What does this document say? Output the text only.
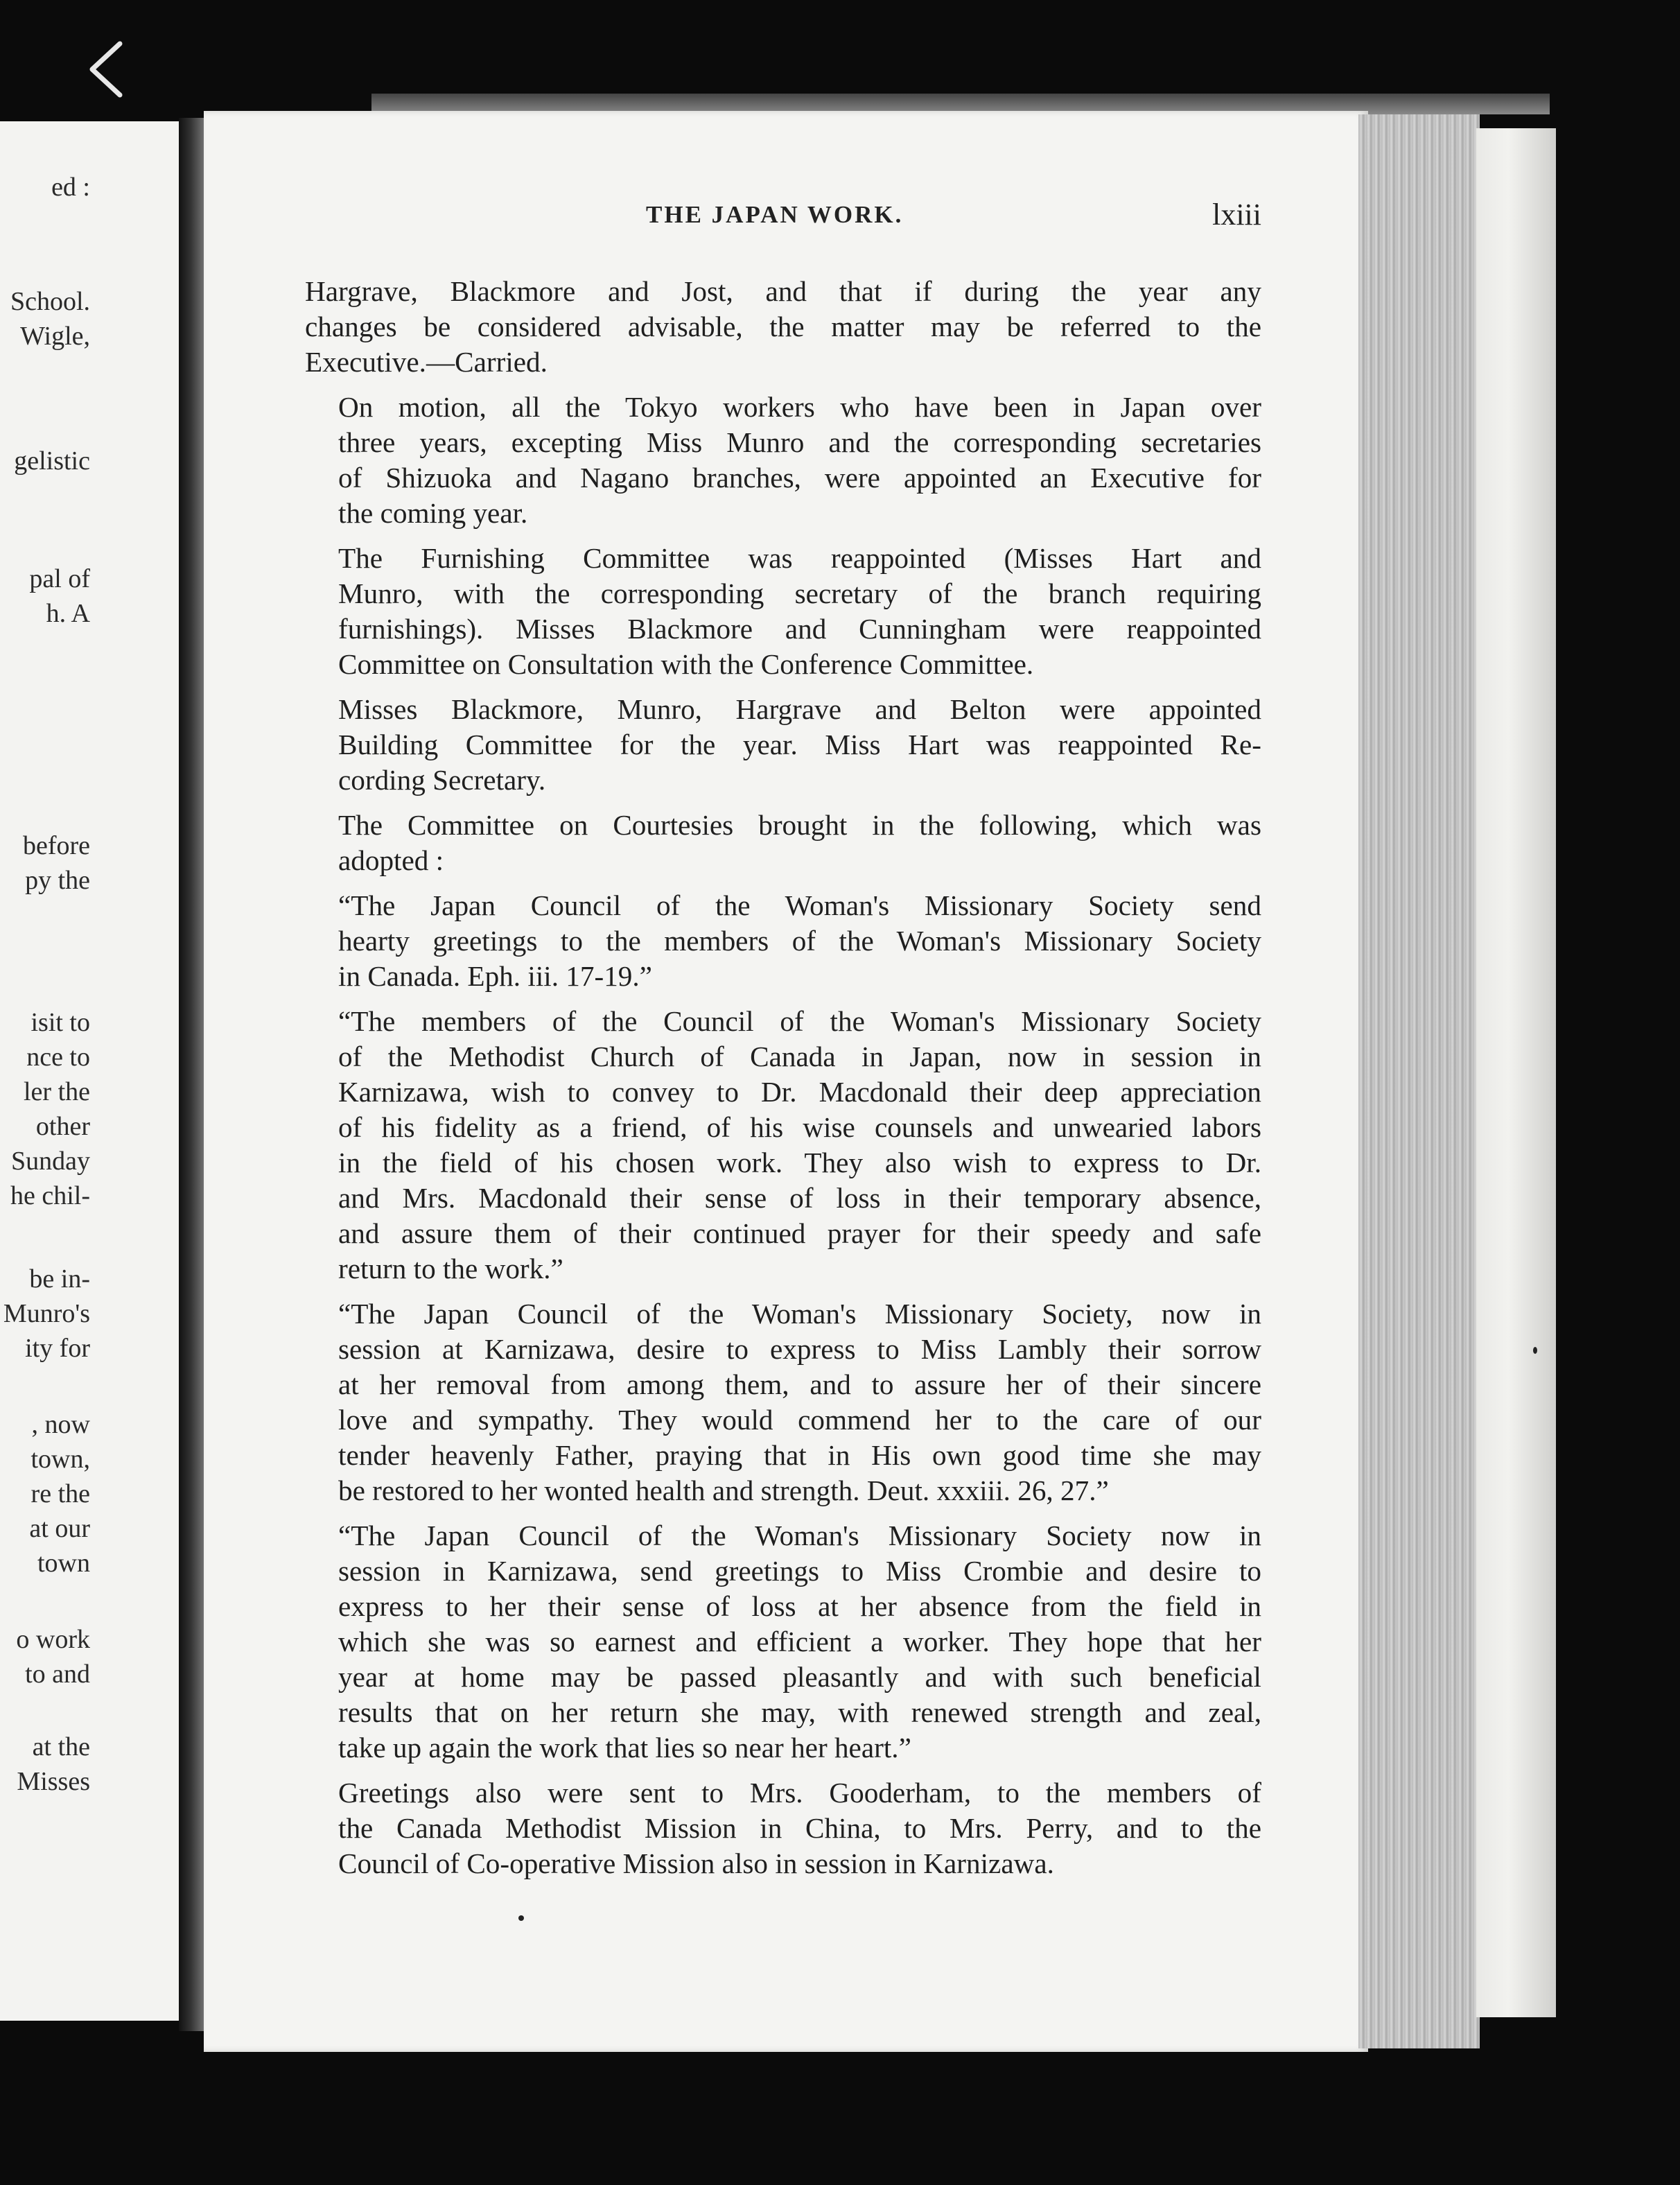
ed :
School.
Wigle,
gelistic
pal of
h. A
before
py the
isit to
nce to
ler the
other
Sunday
he chil-
be in-
Munro's
ity for
, now
town,
re the
at our
town
o work
to and
at the
Misses
THE JAPAN WORK.	lxiii
Hargrave, Blackmore and Jost, and that if during the year any
changes be considered advisable, the matter may be referred to the
Executive.—Carried.
On motion, all the Tokyo workers who have been in Japan over
three years, excepting Miss Munro and the corresponding secretaries
of Shizuoka and Nagano branches, were appointed an Executive for
the coming year.
The Furnishing Committee was reappointed (Misses Hart and
Munro, with the corresponding secretary of the branch requiring
furnishings). Misses Blackmore and Cunningham were reappointed
Committee on Consultation with the Conference Committee.
Misses Blackmore, Munro, Hargrave and Belton were appointed
Building Committee for the year. Miss Hart was reappointed Re-
cording Secretary.
The Committee on Courtesies brought in the following, which was
adopted :
“The Japan Council of the Woman's Missionary Society send
hearty greetings to the members of the Woman's Missionary Society
in Canada. Eph. iii. 17-19.”
“The members of the Council of the Woman's Missionary Society
of the Methodist Church of Canada in Japan, now in session in
Karnizawa, wish to convey to Dr. Macdonald their deep appreciation
of his fidelity as a friend, of his wise counsels and unwearied labors
in the field of his chosen work. They also wish to express to Dr.
and Mrs. Macdonald their sense of loss in their temporary absence,
and assure them of their continued prayer for their speedy and safe
return to the work.”
“The Japan Council of the Woman's Missionary Society, now in
session at Karnizawa, desire to express to Miss Lambly their sorrow
at her removal from among them, and to assure her of their sincere
love and sympathy. They would commend her to the care of our
tender heavenly Father, praying that in His own good time she may
be restored to her wonted health and strength. Deut. xxxiii. 26, 27.”
“The Japan Council of the Woman's Missionary Society now in
session in Karnizawa, send greetings to Miss Crombie and desire to
express to her their sense of loss at her absence from the field in
which she was so earnest and efficient a worker. They hope that her
year at home may be passed pleasantly and with such beneficial
results that on her return she may, with renewed strength and zeal,
take up again the work that lies so near her heart.”
Greetings also were sent to Mrs. Gooderham, to the members of
the Canada Methodist Mission in China, to Mrs. Perry, and to the
Council of Co-operative Mission also in session in Karnizawa.
